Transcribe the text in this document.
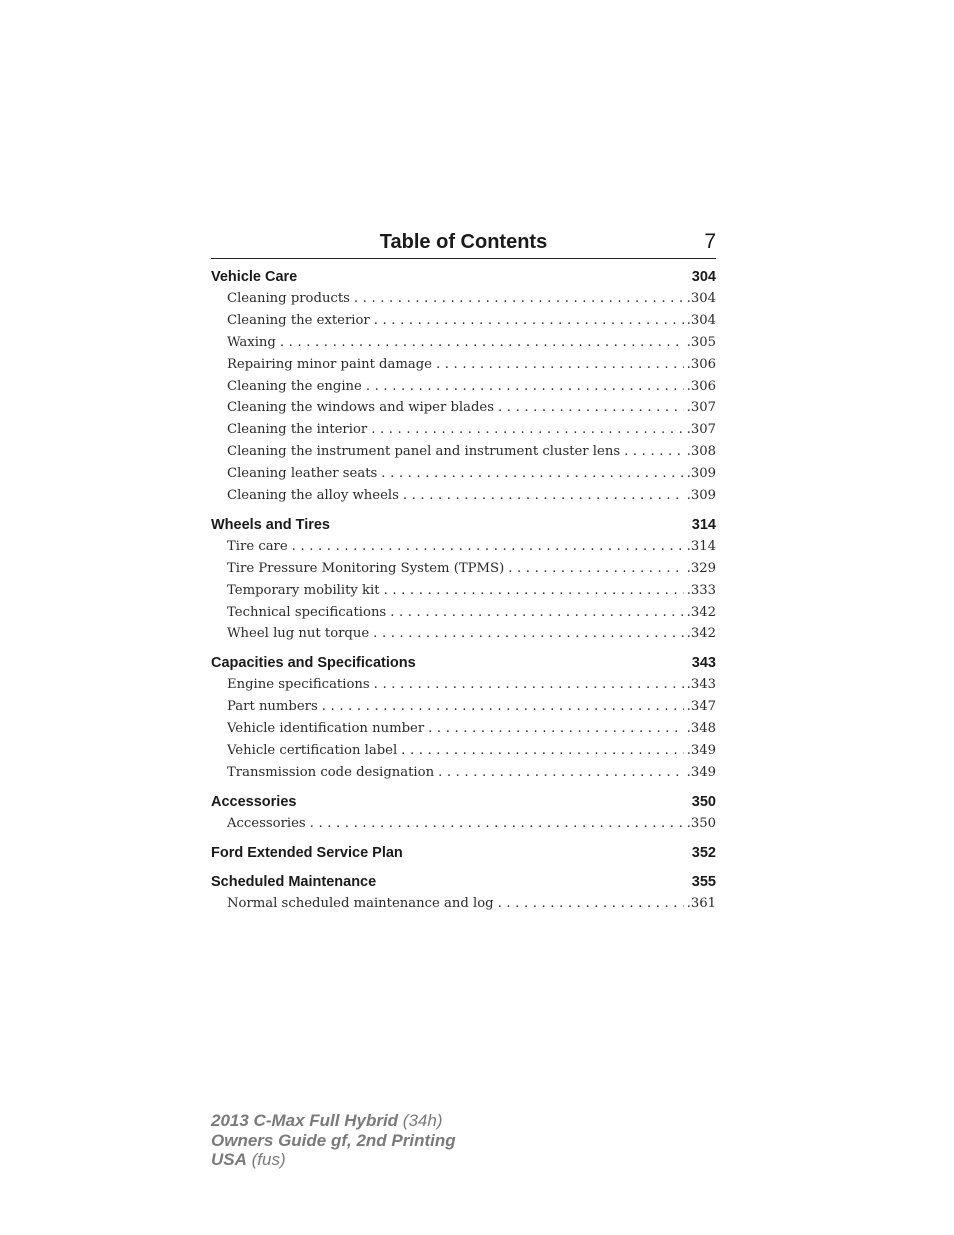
Table of Contents	7
Vehicle Care	304
Cleaning products . . .	.304
Cleaning the exterior . . .	.304
Waxing . . .	.305
Repairing minor paint damage . . .	.306
Cleaning the engine . . .	.306
Cleaning the windows and wiper blades . . .	.307
Cleaning the interior . . .	.307
Cleaning the instrument panel and instrument cluster lens . . .	.308
Cleaning leather seats . . .	.309
Cleaning the alloy wheels . . .	.309
Wheels and Tires	314
Tire care . . .	.314
Tire Pressure Monitoring System (TPMS) . . .	.329
Temporary mobility kit . . .	.333
Technical specifications . . .	.342
Wheel lug nut torque . . .	.342
Capacities and Specifications	343
Engine specifications . . .	.343
Part numbers . . .	.347
Vehicle identification number . . .	.348
Vehicle certification label . . .	.349
Transmission code designation . . .	.349
Accessories	350
Accessories . . .	.350
Ford Extended Service Plan	352
Scheduled Maintenance	355
Normal scheduled maintenance and log . . .	.361
2013 C-Max Full Hybrid (34h)
Owners Guide gf, 2nd Printing
USA (fus)
